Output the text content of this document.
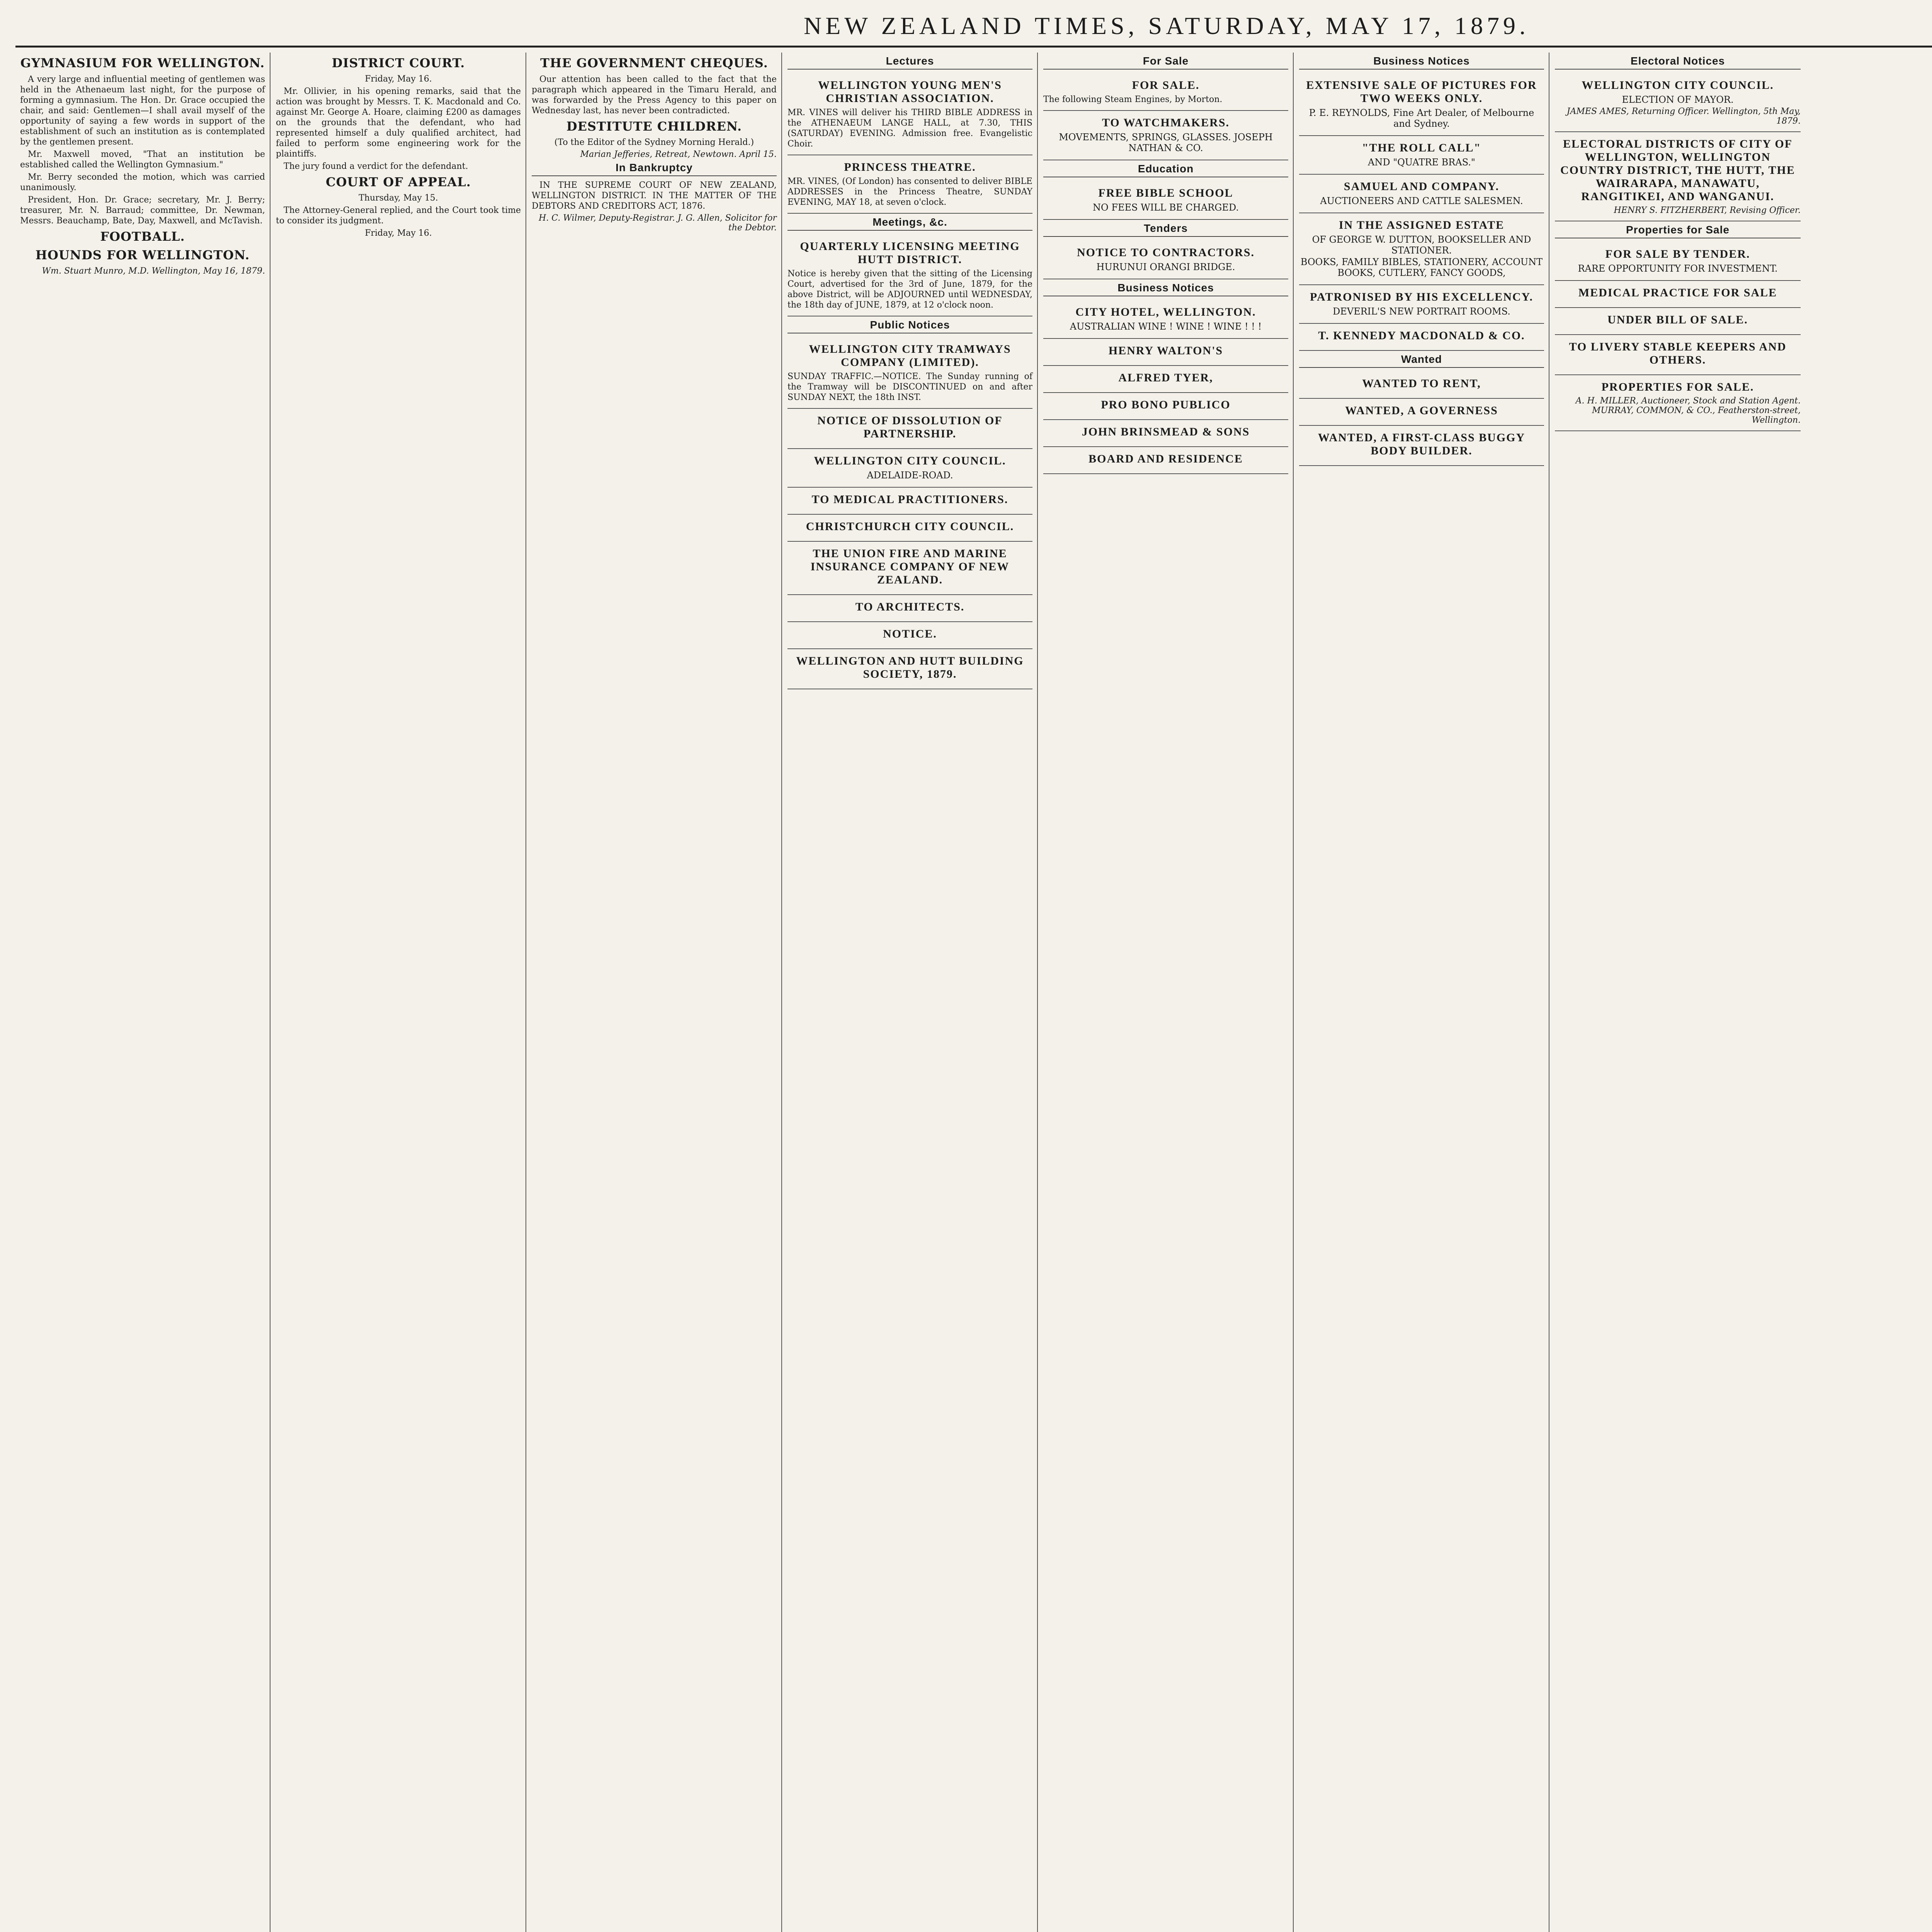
NEW ZEALAND TIMES, SATURDAY, MAY 17, 1879.
GYMNASIUM FOR WELLINGTON.

A very large and influential meeting of gentlemen was held in the Athenaeum last night, for the purpose of forming a gymnasium. The Hon. Dr. Grace occupied the chair, and said: Gentlemen—I shall avail myself of the opportunity of saying a few words in support of the establishment of such an institution as is contemplated by the gentlemen present.

Mr. Maxwell moved, "That an institution be established called the Wellington Gymnasium."

Mr. Berry seconded the motion, which was carried unanimously.

President, Hon. Dr. Grace; secretary, Mr. J. Berry; treasurer, Mr. N. Barraud; committee, Dr. Newman, Messrs. Beauchamp, Bate, Day, Maxwell, and McTavish.

FOOTBALL.
HOUNDS FOR WELLINGTON.
Wm. Stuart Munro, M.D. Wellington, May 16, 1879.
DISTRICT COURT.
Friday, May 16.

Mr. Ollivier, in his opening remarks, said that the action was brought by Messrs. T. K. Macdonald and Co. against Mr. George A. Hoare, claiming £200 as damages on the grounds that the defendant, who had represented himself a duly qualified architect, had failed to perform some engineering work for the plaintiffs.

The jury found a verdict for the defendant.

COURT OF APPEAL.
Thursday, May 15.

The Attorney-General replied, and the Court took time to consider its judgment.

Friday, May 16.
THE GOVERNMENT CHEQUES.

Our attention has been called to the fact that the paragraph which appeared in the Timaru Herald, and was forwarded by the Press Agency to this paper on Wednesday last, has never been contradicted.

DESTITUTE CHILDREN.
(To the Editor of the Sydney Morning Herald.)
Marian Jefferies, Retreat, Newtown. April 15.
In Bankruptcy

IN THE SUPREME COURT OF NEW ZEALAND, WELLINGTON DISTRICT. IN THE MATTER OF THE DEBTORS AND CREDITORS ACT, 1876.

H. C. Wilmer, Deputy-Registrar. J. G. Allen, Solicitor for the Debtor.
Lectures
WELLINGTON YOUNG MEN'S CHRISTIAN ASSOCIATION.
MR. VINES will deliver his THIRD BIBLE ADDRESS in the ATHENAEUM LANGE HALL, at 7.30, THIS (SATURDAY) EVENING. Admission free. Evangelistic Choir.
PRINCESS THEATRE.
MR. VINES, (Of London) has consented to deliver BIBLE ADDRESSES in the Princess Theatre, SUNDAY EVENING, MAY 18, at seven o'clock.
Meetings, &c.
QUARTERLY LICENSING MEETING HUTT DISTRICT.
Notice is hereby given that the sitting of the Licensing Court, advertised for the 3rd of June, 1879, for the above District, will be ADJOURNED until WEDNESDAY, the 18th day of JUNE, 1879, at 12 o'clock noon.
Public Notices
WELLINGTON CITY TRAMWAYS COMPANY (LIMITED).
SUNDAY TRAFFIC.—NOTICE. The Sunday running of the Tramway will be DISCONTINUED on and after SUNDAY NEXT, the 18th INST.
NOTICE OF DISSOLUTION OF PARTNERSHIP.
WELLINGTON CITY COUNCIL.
ADELAIDE-ROAD.
TO MEDICAL PRACTITIONERS.
CHRISTCHURCH CITY COUNCIL.
THE UNION FIRE AND MARINE INSURANCE COMPANY OF NEW ZEALAND.
TO ARCHITECTS.
NOTICE.
WELLINGTON AND HUTT BUILDING SOCIETY, 1879.
For Sale
FOR SALE.
The following Steam Engines, by Morton.
TO WATCHMAKERS.
MOVEMENTS, SPRINGS, GLASSES. JOSEPH NATHAN & CO.
Education
FREE BIBLE SCHOOL
NO FEES WILL BE CHARGED.
Tenders
NOTICE TO CONTRACTORS.
HURUNUI ORANGI BRIDGE.
Business Notices
CITY HOTEL, WELLINGTON.
AUSTRALIAN WINE ! WINE ! WINE ! ! !
HENRY WALTON'S
ALFRED TYER,
PRO BONO PUBLICO
JOHN BRINSMEAD & SONS
BOARD AND RESIDENCE
Business Notices
EXTENSIVE SALE OF PICTURES FOR TWO WEEKS ONLY.
P. E. REYNOLDS, Fine Art Dealer, of Melbourne and Sydney.
"THE ROLL CALL"
AND "QUATRE BRAS."
SAMUEL AND COMPANY.
AUCTIONEERS AND CATTLE SALESMEN.
IN THE ASSIGNED ESTATE
OF GEORGE W. DUTTON, BOOKSELLER AND STATIONER.
BOOKS, FAMILY BIBLES, STATIONERY, ACCOUNT BOOKS, CUTLERY, FANCY GOODS,
PATRONISED BY HIS EXCELLENCY.
DEVERIL'S NEW PORTRAIT ROOMS.
T. KENNEDY MACDONALD & CO.
Wanted
WANTED TO RENT,
WANTED, A GOVERNESS
WANTED, A FIRST-CLASS BUGGY BODY BUILDER.
Electoral Notices
WELLINGTON CITY COUNCIL.
ELECTION OF MAYOR.
JAMES AMES, Returning Officer. Wellington, 5th May, 1879.
ELECTORAL DISTRICTS OF CITY OF WELLINGTON, WELLINGTON COUNTRY DISTRICT, THE HUTT, THE WAIRARAPA, MANAWATU, RANGITIKEI, AND WANGANUI.
HENRY S. FITZHERBERT, Revising Officer.
Properties for Sale
FOR SALE BY TENDER.
RARE OPPORTUNITY FOR INVESTMENT.
MEDICAL PRACTICE FOR SALE
UNDER BILL OF SALE.
TO LIVERY STABLE KEEPERS AND OTHERS.
PROPERTIES FOR SALE.
A. H. MILLER, Auctioneer, Stock and Station Agent. MURRAY, COMMON, & CO., Featherston-street, Wellington.
